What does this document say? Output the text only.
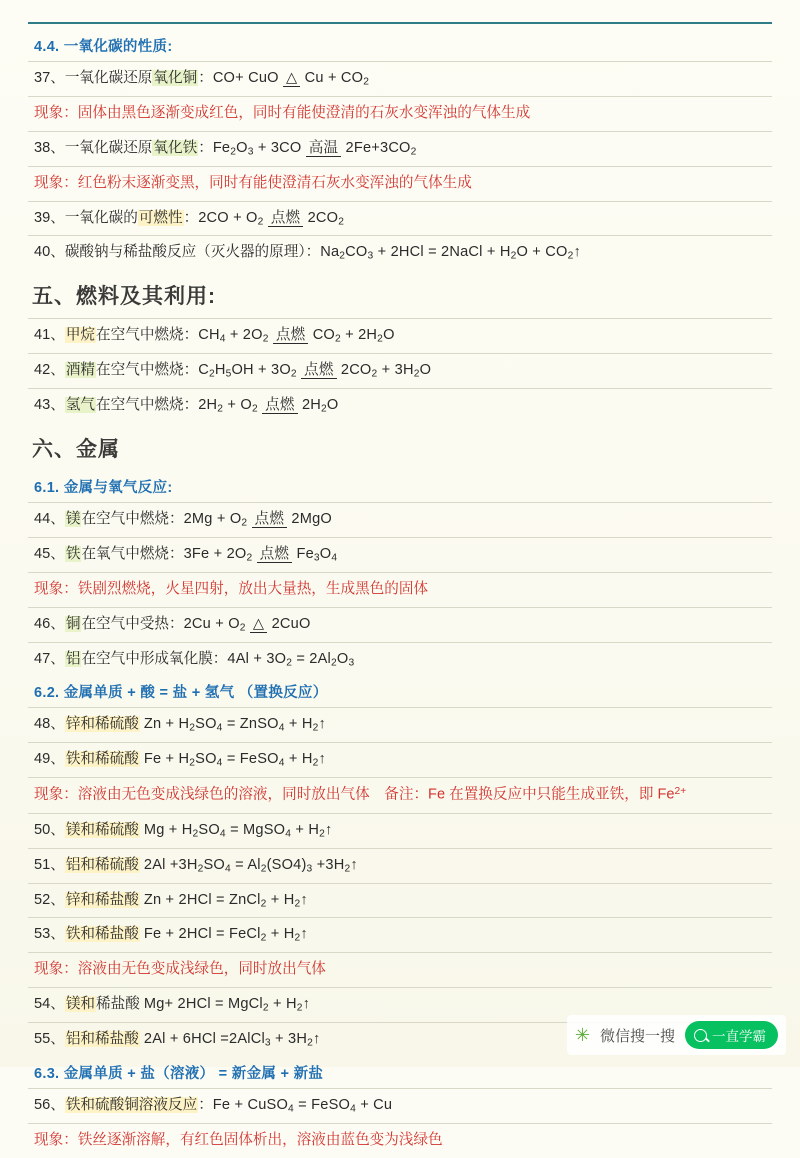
4.4. 一氧化碳的性质:
37、一氧化碳还原氧化铜：CO+ CuO △ $Cu + CO_2$
现象：固体由黑色逐渐变成红色，同时有能使澄清的石灰水变浑浊的气体生成
38、一氧化碳还原氧化铁：$Fe_2O_3 + 3CO$ 高温 $2Fe+3CO_2$
现象：红色粉末逐渐变黑，同时有能使澄清石灰水变浑浊的气体生成
39、一氧化碳的可燃性：$2CO + O_2$ 点燃 $2CO_2$
40、碳酸钠与稀盐酸反应（灭火器的原理）：$Na_2CO_3 + 2HCl$ = 2NaCl + $H_2O$ + $CO_2↑$
五、燃料及其利用:
41、甲烷在空气中燃烧：$CH_4 + 2O_2$ 点燃 $CO_2 + 2H_2O$
42、酒精在空气中燃烧：$C_2H_5OH + 3O_2$ 点燃 $2CO_2 + 3H_2O$
43、氢气在空气中燃烧：$2H_2 + O_2$ 点燃 $2H_2O$
六、金属
6.1. 金属与氧气反应:
44、镁在空气中燃烧：$2Mg + O_2$ 点燃 2MgO
45、铁在氧气中燃烧：$3Fe + 2O_2$ 点燃 $Fe_3O_4$
现象：铁剧烈燃烧，火星四射，放出大量热，生成黑色的固体
46、铜在空气中受热：$2Cu + O_2$ △ 2CuO
47、铝在空气中形成氧化膜：$4Al + 3O_2 = 2Al_2O_3$
6.2. 金属单质 + 酸 = 盐 + 氢气 （置换反应）
48、锌和稀硫酸 $Zn + H_2SO_4$ = ZnSO$_4$ + $H_2↑$
49、铁和稀硫酸 $Fe + H_2SO_4$ = FeSO$_4$ + $H_2↑$
现象：溶液由无色变成浅绿色的溶液，同时放出气体　备注：Fe 在置换反应中只能生成亚铁，即 $Fe^{2+}$
50、镁和稀硫酸 $Mg + H_2SO_4$ = MgSO$_4$ + $H_2↑$
51、铝和稀硫酸 $2Al +3H_2SO_4 = Al_2(SO4)_3$ $+3H_2↑$
52、锌和稀盐酸 Zn + 2HCl = ZnCl$_2$ + $H_2↑$
53、铁和稀盐酸 Fe + 2HCl = FeCl$_2$ + $H_2↑$
现象：溶液由无色变成浅绿色，同时放出气体
54、镁和稀盐酸 Mg+ 2HCl = MgCl$_2$ + $H_2↑$
55、铝和稀盐酸 2Al + 6HCl =2AlCl$_3$ + $3H_2↑$
6.3. 金属单质 + 盐（溶液） = 新金属 + 新盐
56、铁和硫酸铜溶液反应：Fe + CuSO$_4$ = FeSO$_4$ + Cu
现象：铁丝逐渐溶解，有红色固体析出，溶液由蓝色变为浅绿色
✳ 微信搜一搜	一直学霸
